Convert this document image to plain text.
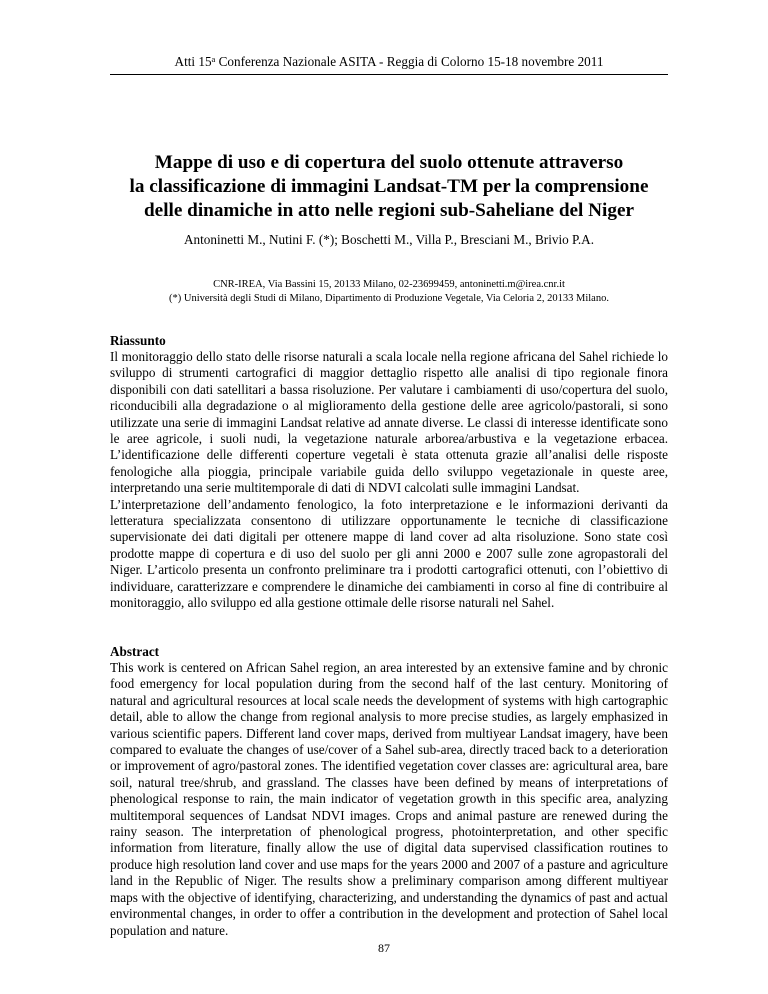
Atti 15$^a$ Conferenza Nazionale ASITA - Reggia di Colorno 15-18 novembre 2011
Mappe di uso e di copertura del suolo ottenute attraverso
la classificazione di immagini Landsat-TM per la comprensione
delle dinamiche in atto nelle regioni sub-Saheliane del Niger
Antoninetti M., Nutini F. (*); Boschetti M., Villa P., Bresciani M., Brivio P.A.
CNR-IREA, Via Bassini 15, 20133 Milano, 02-23699459, antoninetti.m@irea.cnr.it
(*) Università degli Studi di Milano, Dipartimento di Produzione Vegetale, Via Celoria 2, 20133 Milano.
Riassunto

Il monitoraggio dello stato delle risorse naturali a scala locale nella regione africana del Sahel richiede lo sviluppo di strumenti cartografici di maggior dettaglio rispetto alle analisi di tipo regionale finora disponibili con dati satellitari a bassa risoluzione. Per valutare i cambiamenti di uso/copertura del suolo, riconducibili alla degradazione o al miglioramento della gestione delle aree agricolo/pastorali, si sono utilizzate una serie di immagini Landsat relative ad annate diverse. Le classi di interesse identificate sono le aree agricole, i suoli nudi, la vegetazione naturale arborea/arbustiva e la vegetazione erbacea. L’identificazione delle differenti coperture vegetali è stata ottenuta grazie all’analisi delle risposte fenologiche alla pioggia, principale variabile guida dello sviluppo vegetazionale in queste aree, interpretando una serie multitemporale di dati di NDVI calcolati sulle immagini Landsat.

L’interpretazione dell’andamento fenologico, la foto interpretazione e le informazioni derivanti da letteratura specializzata consentono di utilizzare opportunamente le tecniche di classificazione supervisionate dei dati digitali per ottenere mappe di land cover ad alta risoluzione. Sono state così prodotte mappe di copertura e di uso del suolo per gli anni 2000 e 2007 sulle zone agropastorali del Niger. L’articolo presenta un confronto preliminare tra i prodotti cartografici ottenuti, con l’obiettivo di individuare, caratterizzare e comprendere le dinamiche dei cambiamenti in corso al fine di contribuire al monitoraggio, allo sviluppo ed alla gestione ottimale delle risorse naturali nel Sahel.

Abstract

This work is centered on African Sahel region, an area interested by an extensive famine and by chronic food emergency for local population during from the second half of the last century. Monitoring of natural and agricultural resources at local scale needs the development of systems with high cartographic detail, able to allow the change from regional analysis to more precise studies, as largely emphasized in various scientific papers. Different land cover maps, derived from multiyear Landsat imagery, have been compared to evaluate the changes of use/cover of a Sahel sub-area, directly traced back to a deterioration or improvement of agro/pastoral zones. The identified vegetation cover classes are: agricultural area, bare soil, natural tree/shrub, and grassland. The classes have been defined by means of interpretations of phenological response to rain, the main indicator of vegetation growth in this specific area, analyzing multitemporal sequences of Landsat NDVI images. Crops and animal pasture are renewed during the rainy season. The interpretation of phenological progress, photointerpretation, and other specific information from literature, finally allow the use of digital data supervised classification routines to produce high resolution land cover and use maps for the years 2000 and 2007 of a pasture and agriculture land in the Republic of Niger. The results show a preliminary comparison among different multiyear maps with the objective of identifying, characterizing, and understanding the dynamics of past and actual environmental changes, in order to offer a contribution in the development and protection of Sahel local population and nature.

87
